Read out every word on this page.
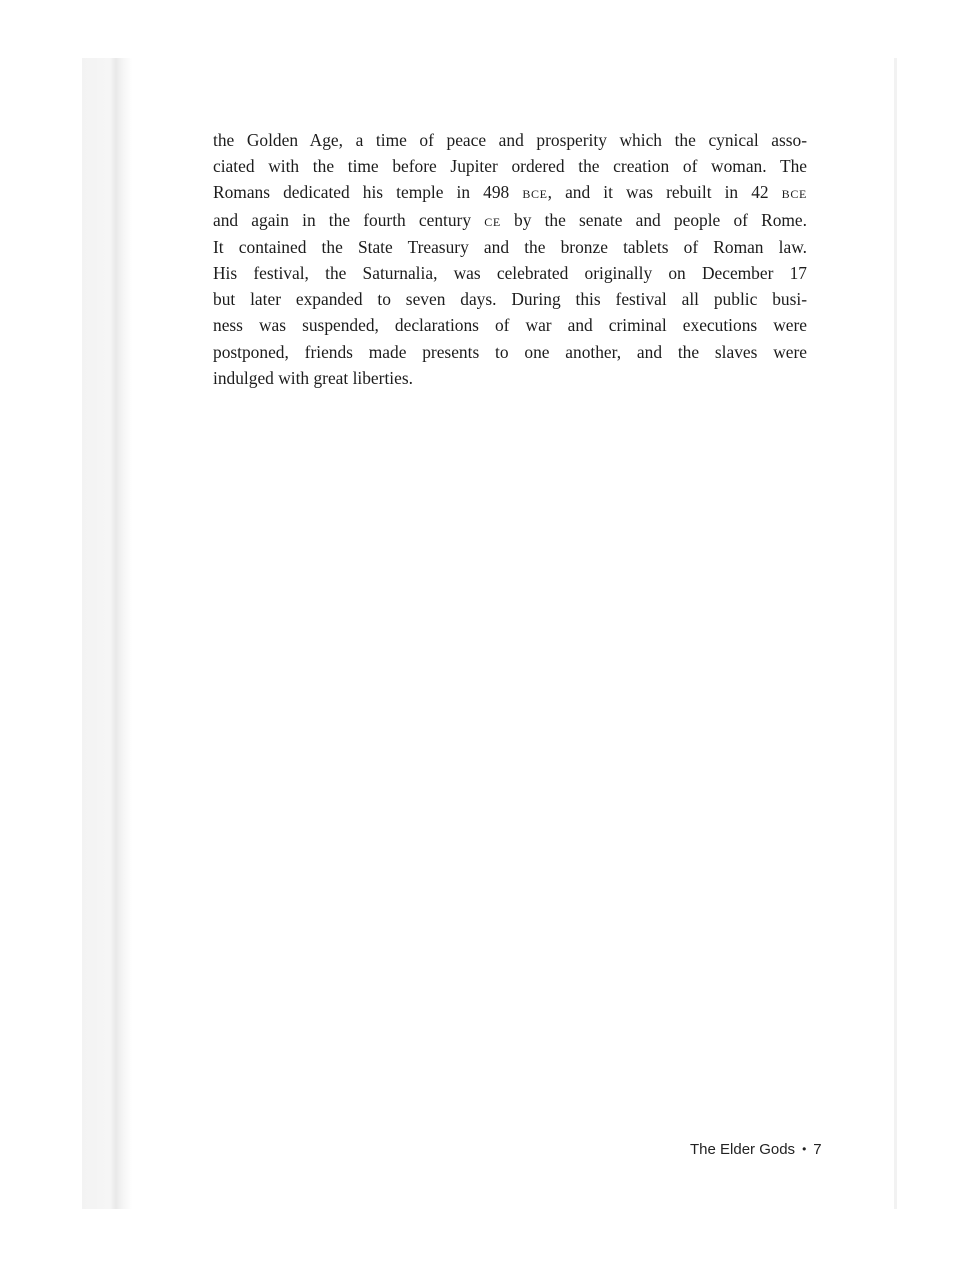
the Golden Age, a time of peace and prosperity which the cynical asso-
ciated with the time before Jupiter ordered the creation of woman. The
Romans dedicated his temple in 498 bce, and it was rebuilt in 42 bce
and again in the fourth century ce by the senate and people of Rome.
It contained the State Treasury and the bronze tablets of Roman law.
His festival, the Saturnalia, was celebrated originally on December 17
but later expanded to seven days. During this festival all public busi-
ness was suspended, declarations of war and criminal executions were
postponed, friends made presents to one another, and the slaves were
indulged with great liberties.

The Elder Gods • 7
